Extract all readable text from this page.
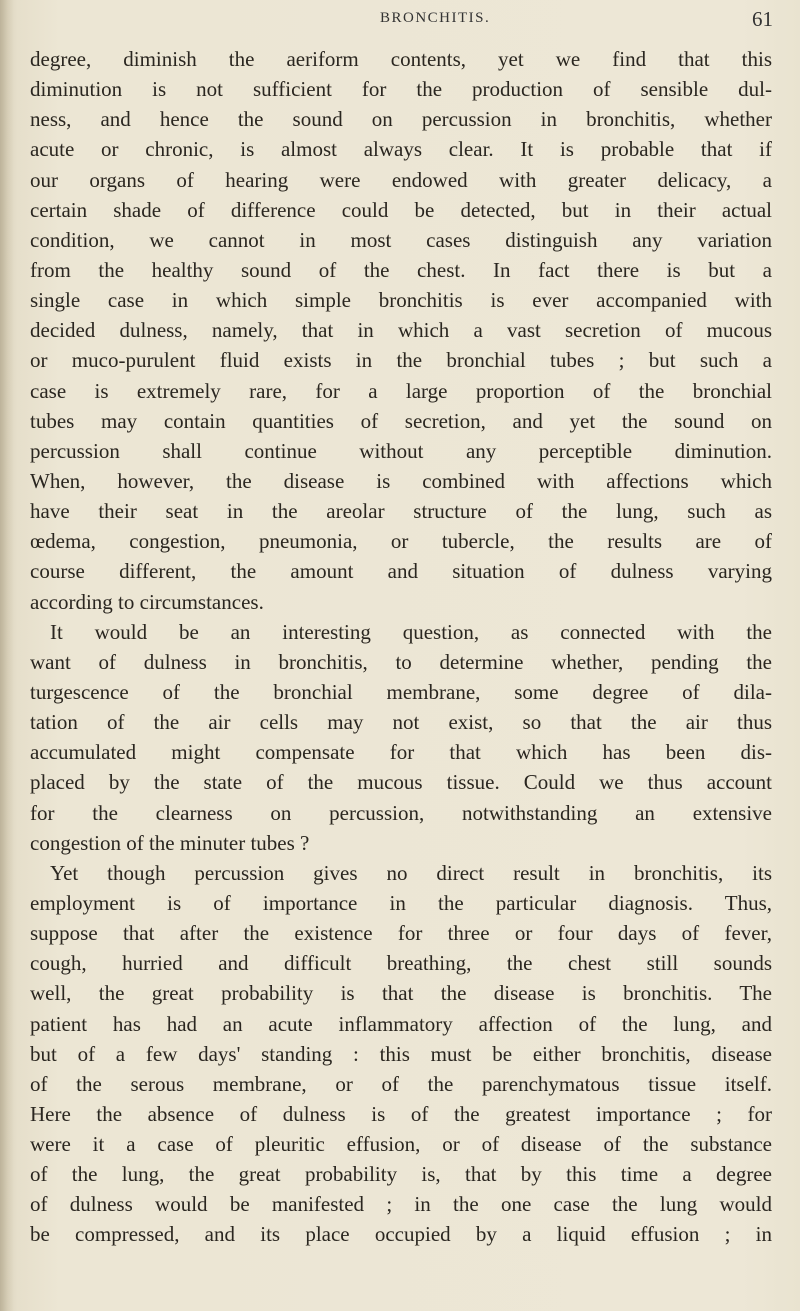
BRONCHITIS.	61
degree, diminish the aeriform contents, yet we find that this
diminution is not sufficient for the production of sensible dul-
ness, and hence the sound on percussion in bronchitis, whether
acute or chronic, is almost always clear. It is probable that if
our organs of hearing were endowed with greater delicacy, a
certain shade of difference could be detected, but in their actual
condition, we cannot in most cases distinguish any variation
from the healthy sound of the chest. In fact there is but a
single case in which simple bronchitis is ever accompanied with
decided dulness, namely, that in which a vast secretion of mucous
or muco-purulent fluid exists in the bronchial tubes ; but such a
case is extremely rare, for a large proportion of the bronchial
tubes may contain quantities of secretion, and yet the sound on
percussion shall continue without any perceptible diminution.
When, however, the disease is combined with affections which
have their seat in the areolar structure of the lung, such as
œdema, congestion, pneumonia, or tubercle, the results are of
course different, the amount and situation of dulness varying
according to circumstances.
It would be an interesting question, as connected with the
want of dulness in bronchitis, to determine whether, pending the
turgescence of the bronchial membrane, some degree of dila-
tation of the air cells may not exist, so that the air thus
accumulated might compensate for that which has been dis-
placed by the state of the mucous tissue. Could we thus account
for the clearness on percussion, notwithstanding an extensive
congestion of the minuter tubes ?
Yet though percussion gives no direct result in bronchitis, its
employment is of importance in the particular diagnosis. Thus,
suppose that after the existence for three or four days of fever,
cough, hurried and difficult breathing, the chest still sounds
well, the great probability is that the disease is bronchitis. The
patient has had an acute inflammatory affection of the lung, and
but of a few days' standing : this must be either bronchitis, disease
of the serous membrane, or of the parenchymatous tissue itself.
Here the absence of dulness is of the greatest importance ; for
were it a case of pleuritic effusion, or of disease of the substance
of the lung, the great probability is, that by this time a degree
of dulness would be manifested ; in the one case the lung would
be compressed, and its place occupied by a liquid effusion ; in
